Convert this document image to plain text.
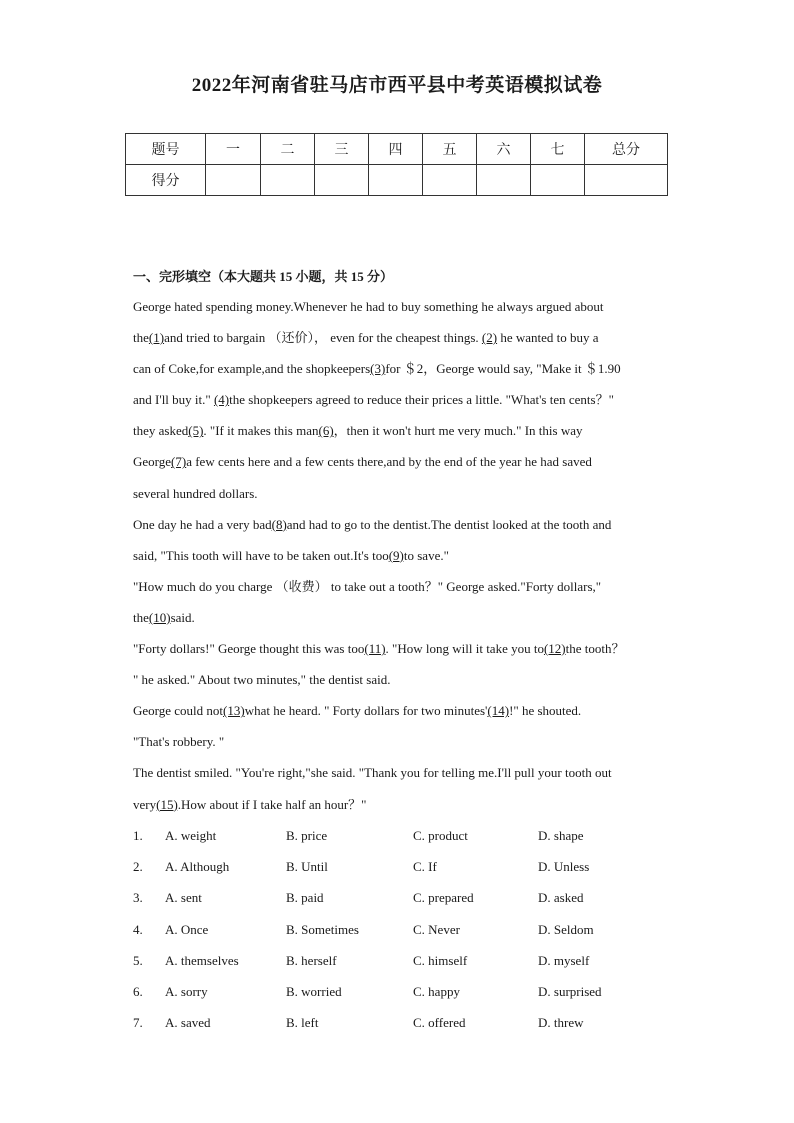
2022年河南省驻马店市西平县中考英语模拟试卷
题号	一	二	三	四	五	六	七	总分
得分								
一、完形填空（本大题共 15 小题，共 15 分）

George hated spending money.Whenever he had to buy something he always argued about

the(1)and tried to bargain （还价）， even for the cheapest things. (2) he wanted to buy a

can of Coke,for example,and the shopkeepers(3)for ＄2，George would say, "Make it ＄1.90

and I'll buy it." (4)the shopkeepers agreed to reduce their prices a little. "What's ten cents？"

they asked(5). "If it makes this man(6)，then it won't hurt me very much." In this way

George(7)a few cents here and a few cents there,and by the end of the year he had saved

several hundred dollars.

One day he had a very bad(8)and had to go to the dentist.The dentist looked at the tooth and

said, "This tooth will have to be taken out.It's too(9)to save."

"How much do you charge （收费） to take out a tooth？" George asked."Forty dollars,"

the(10)said.

"Forty dollars!" George thought this was too(11). "How long will it take you to(12)the tooth？

" he asked." About two minutes," the dentist said.

George could not(13)what he heard. " Forty dollars for two minutes'(14)!" he shouted.

"That's robbery. "

The dentist smiled. "You're right,"she said. "Thank you for telling me.I'll pull your tooth out

very(15).How about if I take half an hour？"

1. A. weight	B. price	C. product	D. shape
2. A. Although	B. Until	C. If	D. Unless
3. A. sent	B. paid	C. prepared	D. asked
4. A. Once	B. Sometimes	C. Never	D. Seldom
5. A. themselves	B. herself	C. himself	D. myself
6. A. sorry	B. worried	C. happy	D. surprised
7. A. saved	B. left	C. offered	D. threw
